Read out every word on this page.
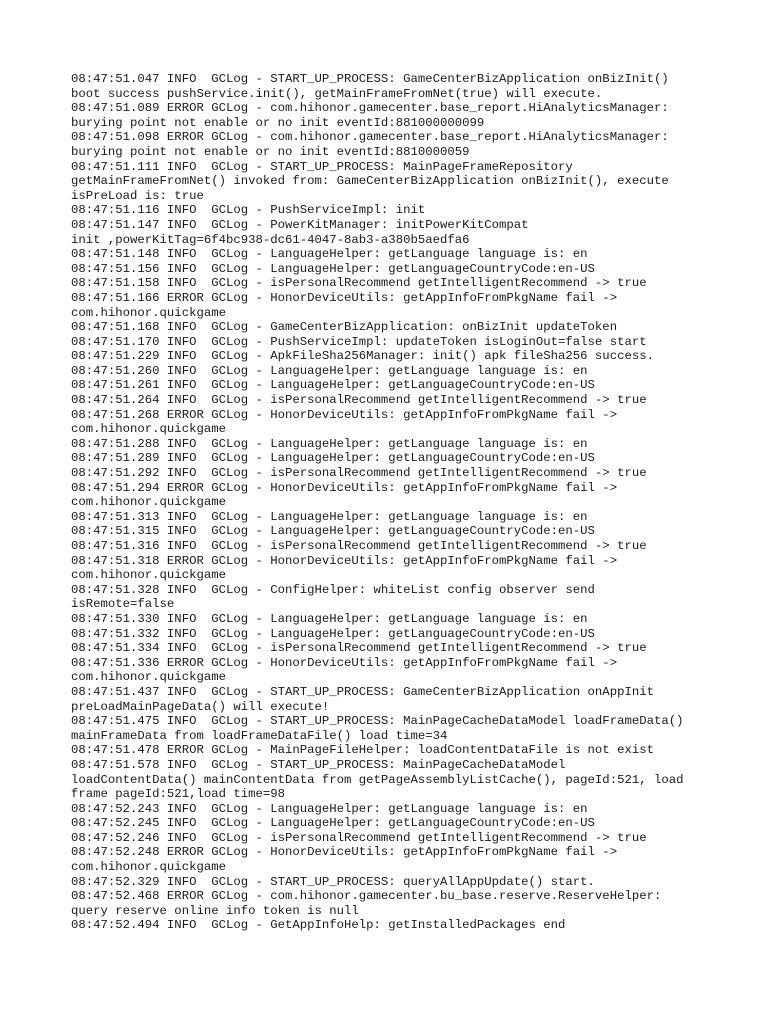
08:47:51.047 INFO  GCLog - START_UP_PROCESS: GameCenterBizApplication onBizInit()
boot success pushService.init(), getMainFrameFromNet(true) will execute.
08:47:51.089 ERROR GCLog - com.hihonor.gamecenter.base_report.HiAnalyticsManager:
burying point not enable or no init eventId:881000000099
08:47:51.098 ERROR GCLog - com.hihonor.gamecenter.base_report.HiAnalyticsManager:
burying point not enable or no init eventId:8810000059
08:47:51.111 INFO  GCLog - START_UP_PROCESS: MainPageFrameRepository
getMainFrameFromNet() invoked from: GameCenterBizApplication onBizInit(), execute
isPreLoad is: true
08:47:51.116 INFO  GCLog - PushServiceImpl: init
08:47:51.147 INFO  GCLog - PowerKitManager: initPowerKitCompat
init ,powerKitTag=6f4bc938-dc61-4047-8ab3-a380b5aedfa6
08:47:51.148 INFO  GCLog - LanguageHelper: getLanguage language is: en
08:47:51.156 INFO  GCLog - LanguageHelper: getLanguageCountryCode:en-US
08:47:51.158 INFO  GCLog - isPersonalRecommend getIntelligentRecommend -> true
08:47:51.166 ERROR GCLog - HonorDeviceUtils: getAppInfoFromPkgName fail ->
com.hihonor.quickgame
08:47:51.168 INFO  GCLog - GameCenterBizApplication: onBizInit updateToken
08:47:51.170 INFO  GCLog - PushServiceImpl: updateToken isLoginOut=false start
08:47:51.229 INFO  GCLog - ApkFileSha256Manager: init() apk fileSha256 success.
08:47:51.260 INFO  GCLog - LanguageHelper: getLanguage language is: en
08:47:51.261 INFO  GCLog - LanguageHelper: getLanguageCountryCode:en-US
08:47:51.264 INFO  GCLog - isPersonalRecommend getIntelligentRecommend -> true
08:47:51.268 ERROR GCLog - HonorDeviceUtils: getAppInfoFromPkgName fail ->
com.hihonor.quickgame
08:47:51.288 INFO  GCLog - LanguageHelper: getLanguage language is: en
08:47:51.289 INFO  GCLog - LanguageHelper: getLanguageCountryCode:en-US
08:47:51.292 INFO  GCLog - isPersonalRecommend getIntelligentRecommend -> true
08:47:51.294 ERROR GCLog - HonorDeviceUtils: getAppInfoFromPkgName fail ->
com.hihonor.quickgame
08:47:51.313 INFO  GCLog - LanguageHelper: getLanguage language is: en
08:47:51.315 INFO  GCLog - LanguageHelper: getLanguageCountryCode:en-US
08:47:51.316 INFO  GCLog - isPersonalRecommend getIntelligentRecommend -> true
08:47:51.318 ERROR GCLog - HonorDeviceUtils: getAppInfoFromPkgName fail ->
com.hihonor.quickgame
08:47:51.328 INFO  GCLog - ConfigHelper: whiteList config observer send
isRemote=false
08:47:51.330 INFO  GCLog - LanguageHelper: getLanguage language is: en
08:47:51.332 INFO  GCLog - LanguageHelper: getLanguageCountryCode:en-US
08:47:51.334 INFO  GCLog - isPersonalRecommend getIntelligentRecommend -> true
08:47:51.336 ERROR GCLog - HonorDeviceUtils: getAppInfoFromPkgName fail ->
com.hihonor.quickgame
08:47:51.437 INFO  GCLog - START_UP_PROCESS: GameCenterBizApplication onAppInit
preLoadMainPageData() will execute!
08:47:51.475 INFO  GCLog - START_UP_PROCESS: MainPageCacheDataModel loadFrameData()
mainFrameData from loadFrameDataFile() load time=34
08:47:51.478 ERROR GCLog - MainPageFileHelper: loadContentDataFile is not exist
08:47:51.578 INFO  GCLog - START_UP_PROCESS: MainPageCacheDataModel
loadContentData() mainContentData from getPageAssemblyListCache(), pageId:521, load
frame pageId:521,load time=98
08:47:52.243 INFO  GCLog - LanguageHelper: getLanguage language is: en
08:47:52.245 INFO  GCLog - LanguageHelper: getLanguageCountryCode:en-US
08:47:52.246 INFO  GCLog - isPersonalRecommend getIntelligentRecommend -> true
08:47:52.248 ERROR GCLog - HonorDeviceUtils: getAppInfoFromPkgName fail ->
com.hihonor.quickgame
08:47:52.329 INFO  GCLog - START_UP_PROCESS: queryAllAppUpdate() start.
08:47:52.468 ERROR GCLog - com.hihonor.gamecenter.bu_base.reserve.ReserveHelper:
query reserve online info token is null
08:47:52.494 INFO  GCLog - GetAppInfoHelp: getInstalledPackages end
